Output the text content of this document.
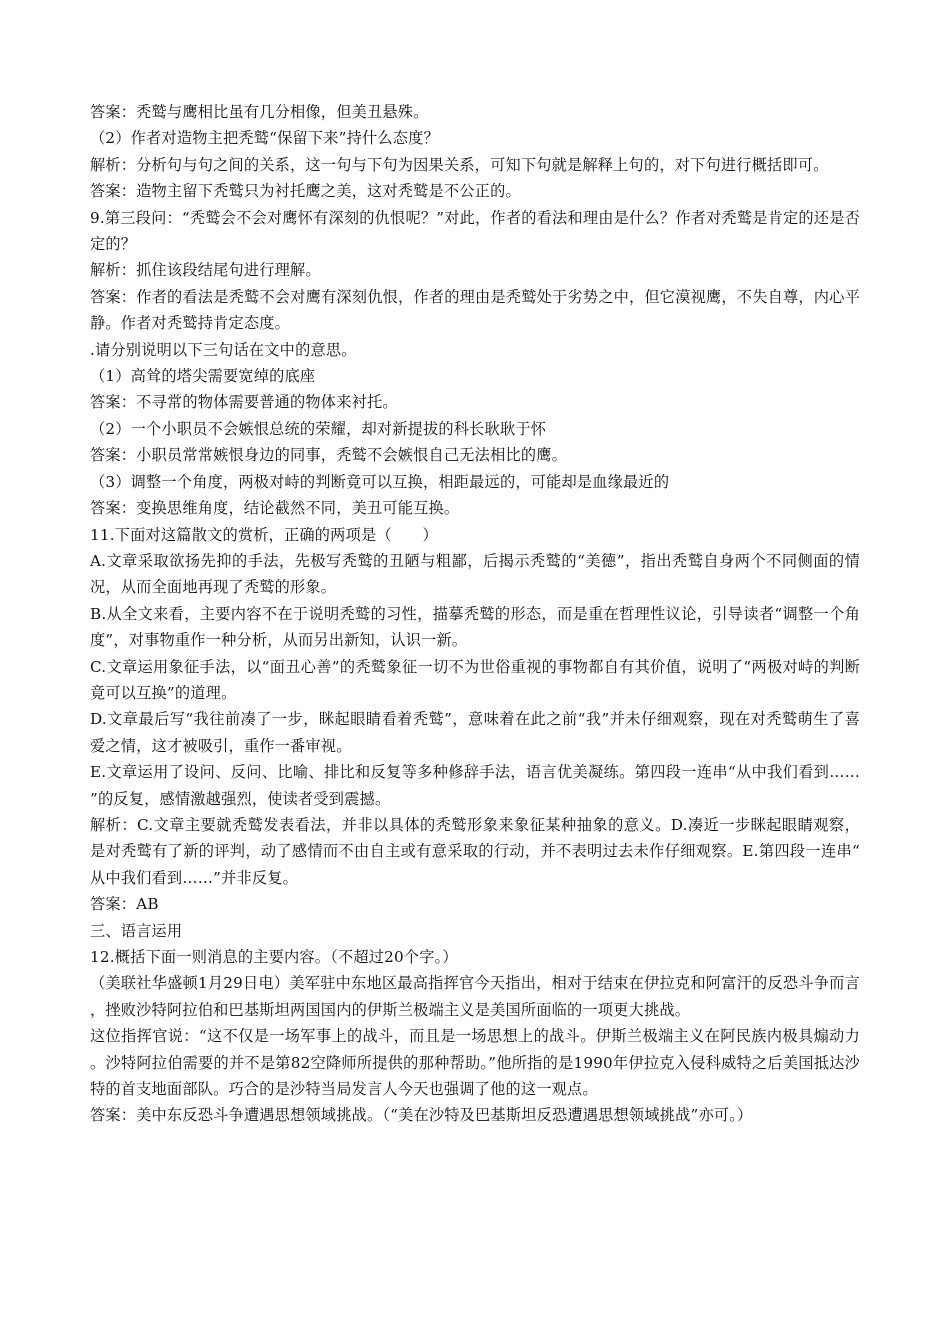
答案：秃鹫与鹰相比虽有几分相像，但美丑悬殊。

（2）作者对造物主把秃鹫“保留下来”持什么态度？

解析：分析句与句之间的关系，这一句与下句为因果关系，可知下句就是解释上句的，对下句进行概括即可。

答案：造物主留下秃鹫只为衬托鹰之美，这对秃鹫是不公正的。

9.第三段问：“秃鹫会不会对鹰怀有深刻的仇恨呢？”对此，作者的看法和理由是什么？作者对秃鹫是肯定的还是否定的？

解析：抓住该段结尾句进行理解。

答案：作者的看法是秃鹫不会对鹰有深刻仇恨，作者的理由是秃鹫处于劣势之中，但它漠视鹰，不失自尊，内心平静。作者对秃鹫持肯定态度。

.请分别说明以下三句话在文中的意思。

（1）高耸的塔尖需要宽绰的底座

答案：不寻常的物体需要普通的物体来衬托。

（2）一个小职员不会嫉恨总统的荣耀，却对新提拔的科长耿耿于怀

答案：小职员常常嫉恨身边的同事，秃鹫不会嫉恨自己无法相比的鹰。

（3）调整一个角度，两极对峙的判断竟可以互换，相距最远的，可能却是血缘最近的

答案：变换思维角度，结论截然不同，美丑可能互换。

11.下面对这篇散文的赏析，正确的两项是（　　）

A.文章采取欲扬先抑的手法，先极写秃鹫的丑陋与粗鄙，后揭示秃鹫的“美德”，指出秃鹫自身两个不同侧面的情况，从而全面地再现了秃鹫的形象。

B.从全文来看，主要内容不在于说明秃鹫的习性，描摹秃鹫的形态，而是重在哲理性议论，引导读者“调整一个角度”，对事物重作一种分析，从而另出新知，认识一新。

C.文章运用象征手法，以“面丑心善”的秃鹫象征一切不为世俗重视的事物都自有其价值，说明了“两极对峙的判断竟可以互换”的道理。

D.文章最后写“我往前凑了一步，眯起眼睛看着秃鹫”，意味着在此之前“我”并未仔细观察，现在对秃鹫萌生了喜爱之情，这才被吸引，重作一番审视。

E.文章运用了设问、反问、比喻、排比和反复等多种修辞手法，语言优美凝练。第四段一连串“从中我们看到……”的反复，感情激越强烈，使读者受到震撼。

解析：C.文章主要就秃鹫发表看法，并非以具体的秃鹫形象来象征某种抽象的意义。D.凑近一步眯起眼睛观察，是对秃鹫有了新的评判，动了感情而不由自主或有意采取的行动，并不表明过去未作仔细观察。E.第四段一连串“从中我们看到……”并非反复。

答案：AB

三、语言运用

12.概括下面一则消息的主要内容。（不超过20个字。）

（美联社华盛顿1月29日电）美军驻中东地区最高指挥官今天指出，相对于结束在伊拉克和阿富汗的反恐斗争而言，挫败沙特阿拉伯和巴基斯坦两国国内的伊斯兰极端主义是美国所面临的一项更大挑战。

这位指挥官说：“这不仅是一场军事上的战斗，而且是一场思想上的战斗。伊斯兰极端主义在阿民族内极具煽动力。沙特阿拉伯需要的并不是第82空降师所提供的那种帮助。”他所指的是1990年伊拉克入侵科威特之后美国抵达沙特的首支地面部队。巧合的是沙特当局发言人今天也强调了他的这一观点。

答案：美中东反恐斗争遭遇思想领域挑战。（“美在沙特及巴基斯坦反恐遭遇思想领域挑战”亦可。）
